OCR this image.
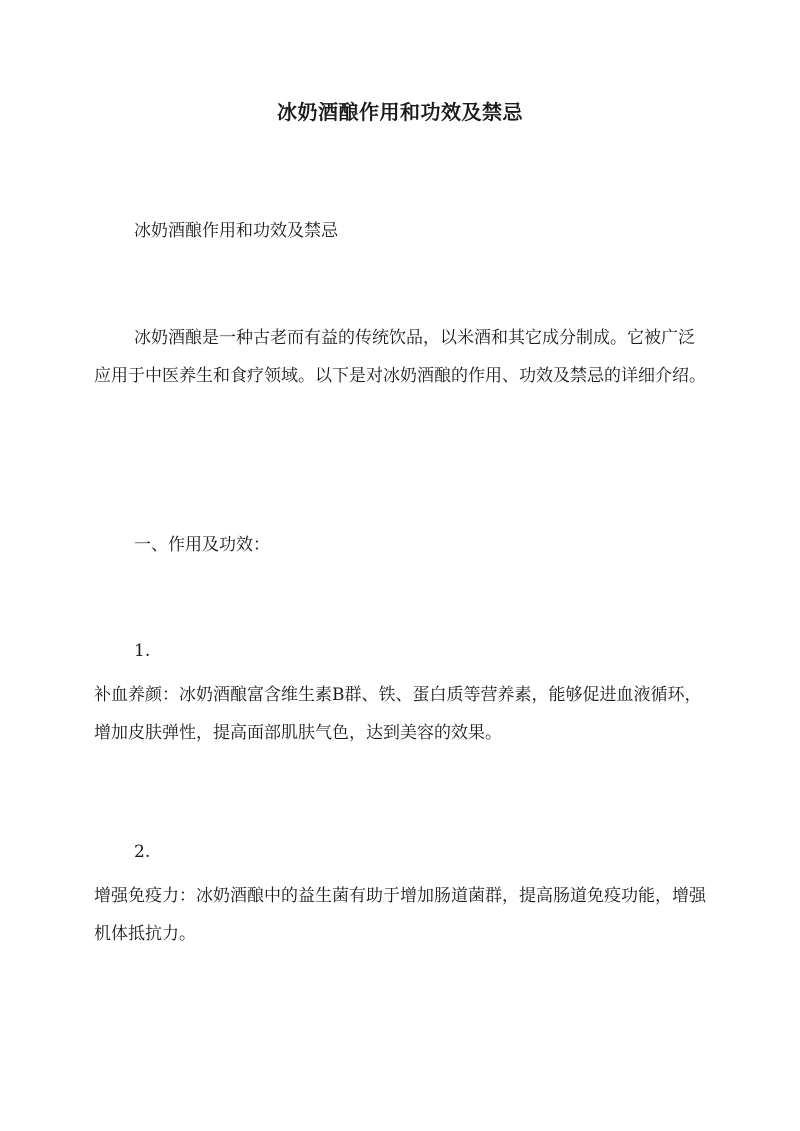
冰奶酒酿作用和功效及禁忌

冰奶酒酿作用和功效及禁忌

冰奶酒酿是一种古老而有益的传统饮品，以米酒和其它成分制成。它被广泛应用于中医养生和食疗领域。以下是对冰奶酒酿的作用、功效及禁忌的详细介绍。

一、作用及功效：

1.

补血养颜：冰奶酒酿富含维生素B群、铁、蛋白质等营养素，能够促进血液循环，增加皮肤弹性，提高面部肌肤气色，达到美容的效果。

2.

增强免疫力：冰奶酒酿中的益生菌有助于增加肠道菌群，提高肠道免疫功能，增强机体抵抗力。
